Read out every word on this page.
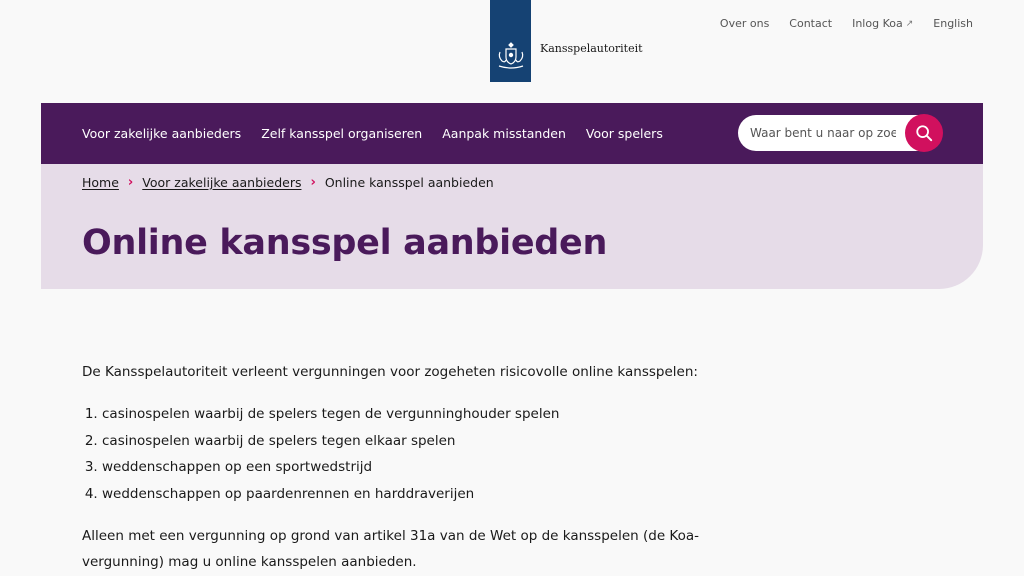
Kansspelautoriteit
Over ons Contact Inlog Koa ↗ English
Voor zakelijke aanbieders Zelf kansspel organiseren Aanpak misstanden Voor spelers
Waar bent u naar op zoek?
Home › Voor zakelijke aanbieders › Online kansspel aanbieden
Online kansspel aanbieden

De Kansspelautoriteit verleent vergunningen voor zogeheten risicovolle online kansspelen:

1. casinospelen waarbij de spelers tegen de vergunninghouder spelen
2. casinospelen waarbij de spelers tegen elkaar spelen
3. weddenschappen op een sportwedstrijd
4. weddenschappen op paardenrennen en harddraverijen

Alleen met een vergunning op grond van artikel 31a van de Wet op de kansspelen (de Koa-vergunning) mag u online kansspelen aanbieden.
